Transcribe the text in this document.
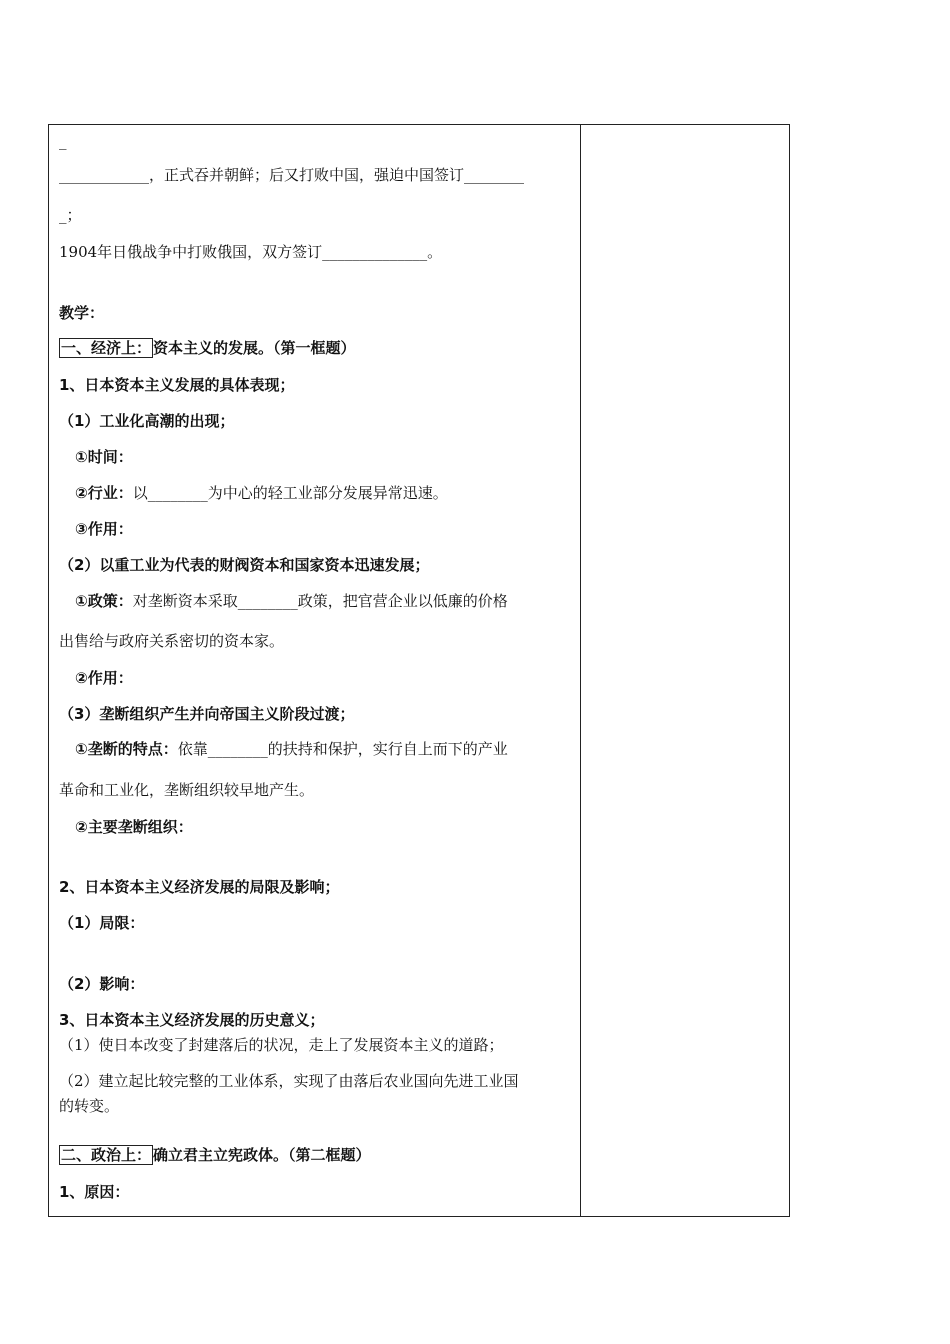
_
____________，正式吞并朝鲜；后又打败中国，强迫中国签订________
_；
1904年日俄战争中打败俄国，双方签订______________。
教学：
一、经济上： 资本主义的发展。（第一框题）
1、日本资本主义发展的具体表现；
（1）工业化高潮的出现；
①时间：
②行业：以________为中心的轻工业部分发展异常迅速。
③作用：
（2）以重工业为代表的财阀资本和国家资本迅速发展；
①政策：对垄断资本采取________政策，把官营企业以低廉的价格
出售给与政府关系密切的资本家。
②作用：
（3）垄断组织产生并向帝国主义阶段过渡；
①垄断的特点：依靠________的扶持和保护，实行自上而下的产业
革命和工业化，垄断组织较早地产生。
②主要垄断组织：
2、日本资本主义经济发展的局限及影响；
（1）局限：
（2）影响：
3、日本资本主义经济发展的历史意义；
（1）使日本改变了封建落后的状况，走上了发展资本主义的道路；
（2）建立起比较完整的工业体系，实现了由落后农业国向先进工业国
的转变。
二、政治上： 确立君主立宪政体。（第二框题）
1、原因：
